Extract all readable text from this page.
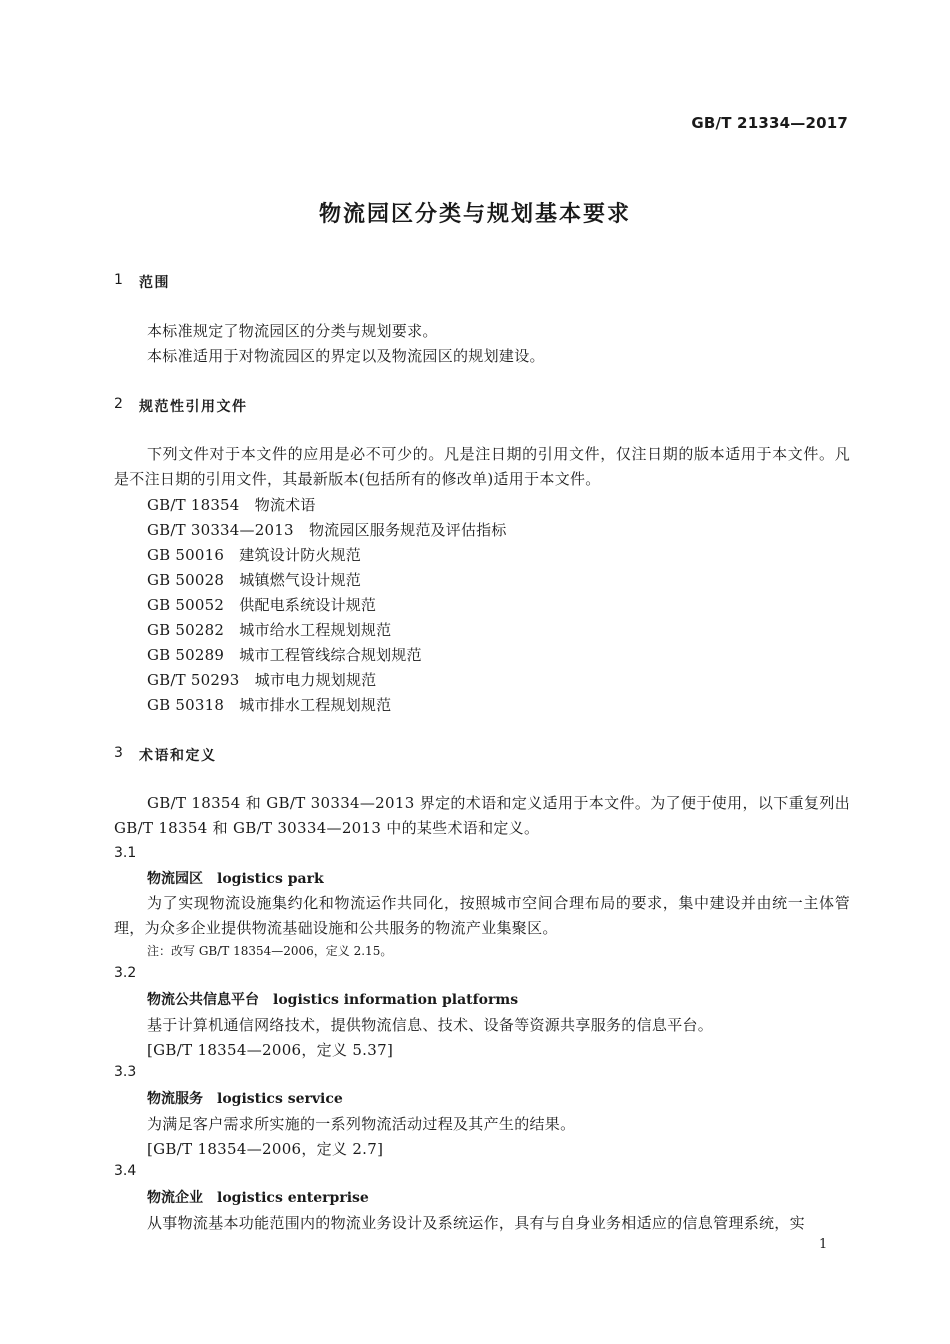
GB/T 21334—2017
物流园区分类与规划基本要求
1 范围
本标准规定了物流园区的分类与规划要求。
本标准适用于对物流园区的界定以及物流园区的规划建设。
2 规范性引用文件
下列文件对于本文件的应用是必不可少的。凡是注日期的引用文件，仅注日期的版本适用于本文件。凡是不注日期的引用文件，其最新版本(包括所有的修改单)适用于本文件。
GB/T 18354　 物流术语
GB/T 30334—2013　 物流园区服务规范及评估指标
GB 50016　 建筑设计防火规范
GB 50028　 城镇燃气设计规范
GB 50052　 供配电系统设计规范
GB 50282　 城市给水工程规划规范
GB 50289　 城市工程管线综合规划规范
GB/T 50293　 城市电力规划规范
GB 50318　 城市排水工程规划规范
3 术语和定义
GB/T 18354 和 GB/T 30334—2013 界定的术语和定义适用于本文件。为了便于使用，以下重复列出 GB/T 18354 和 GB/T 30334—2013 中的某些术语和定义。
3.1
物流园区　 logistics park
为了实现物流设施集约化和物流运作共同化，按照城市空间合理布局的要求，集中建设并由统一主体管理，为众多企业提供物流基础设施和公共服务的物流产业集聚区。
注：改写 GB/T 18354—2006，定义 2.15。
3.2
物流公共信息平台　 logistics information platforms
基于计算机通信网络技术，提供物流信息、技术、设备等资源共享服务的信息平台。
[GB/T 18354—2006，定义 5.37]
3.3
物流服务　 logistics service
为满足客户需求所实施的一系列物流活动过程及其产生的结果。
[GB/T 18354—2006，定义 2.7]
3.4
物流企业　 logistics enterprise
从事物流基本功能范围内的物流业务设计及系统运作，具有与自身业务相适应的信息管理系统，实
1
